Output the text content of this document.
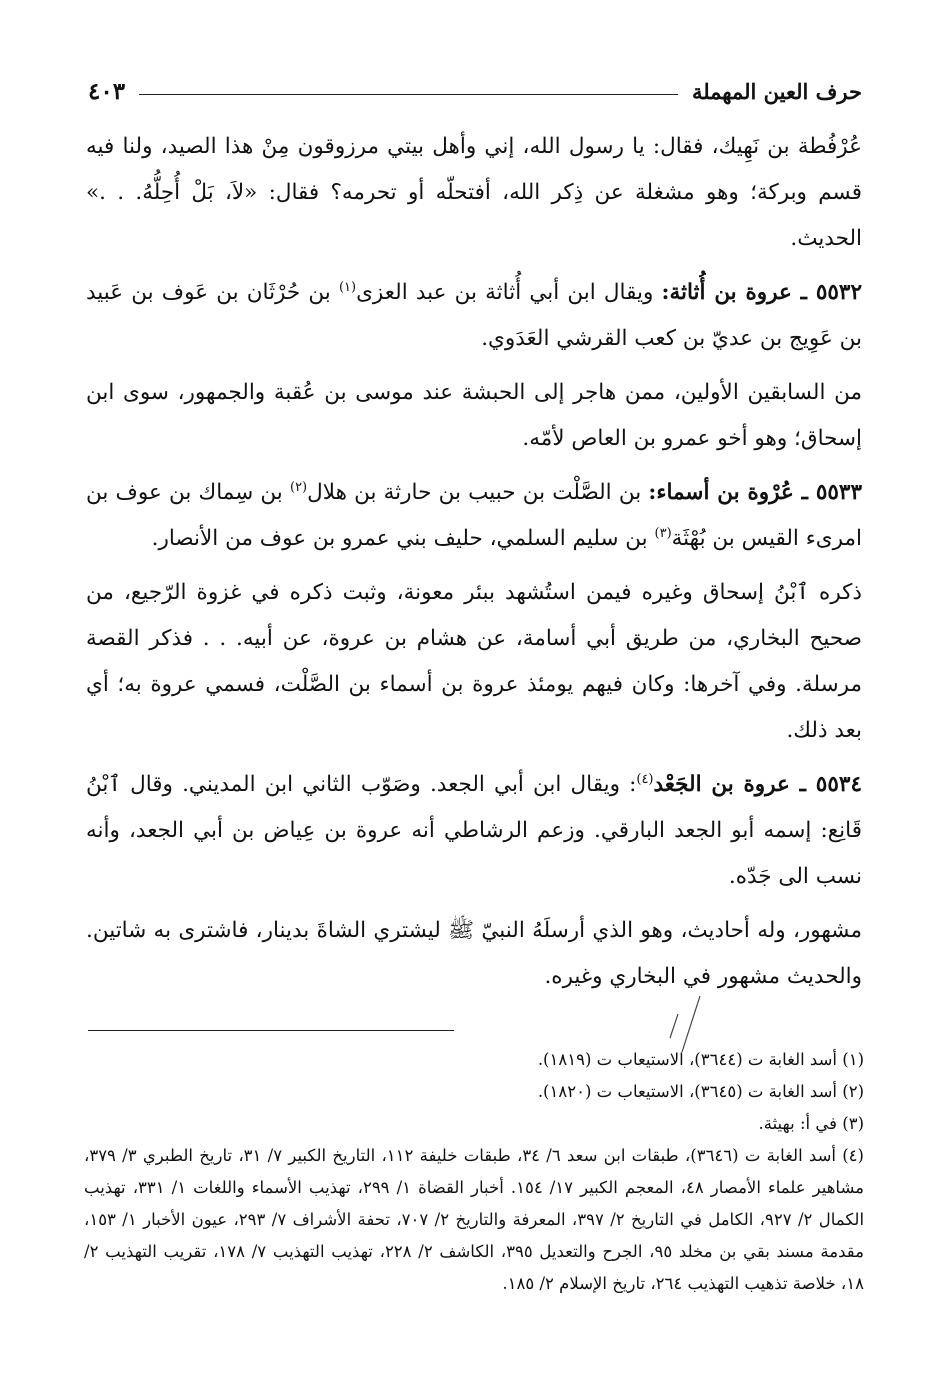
حرف العين المهملة
٤٠٣

عُرْفُطة بن نَهِيك، فقال: يا رسول الله، إني وأهل بيتي مرزوقون مِنْ هذا الصيد، ولنا فيه قسم وبركة؛ وهو مشغلة عن ذِكر الله، أفتحلّه أو تحرمه؟ فقال: «لاَ، بَلْ أُحِلُّهُ. . .» الحديث.

٥٥٣٢ ـ عروة بن أُثاثة: ويقال ابن أبي أُثاثة بن عبد العزى$^{(١)}$ بن حُرْثَان بن عَوف بن عَبيد بن عَوِيج بن عديّ بن كعب القرشي العَدَوي.

من السابقين الأولين، ممن هاجر إلى الحبشة عند موسى بن عُقبة والجمهور، سوى ابن إسحاق؛ وهو أخو عمرو بن العاص لأمّه.

٥٥٣٣ ـ عُرْوة بن أسماء: بن الصَّلْت بن حبيب بن حارثة بن هلال$^{(٢)}$ بن سِماك بن عوف بن امرىء القيس بن بُهْثَة$^{(٣)}$ بن سليم السلمي، حليف بني عمرو بن عوف من الأنصار.

ذكره ٱبْنُ إسحاق وغيره فيمن استُشهد ببئر معونة، وثبت ذكره في غزوة الرّجيع، من صحيح البخاري، من طريق أبي أسامة، عن هشام بن عروة، عن أبيه. . . فذكر القصة مرسلة. وفي آخرها: وكان فيهم يومئذ عروة بن أسماء بن الصَّلْت، فسمي عروة به؛ أي بعد ذلك.

٥٥٣٤ ـ عروة بن الجَعْد$^{(٤)}$: ويقال ابن أبي الجعد. وصَوّب الثاني ابن المديني. وقال ٱبْنُ قَانِع: إسمه أبو الجعد البارقي. وزعم الرشاطي أنه عروة بن عِياض بن أبي الجعد، وأنه نسب الى جَدّه.

مشهور، وله أحاديث، وهو الذي أرسلَهُ النبيّ ﷺ ليشتري الشاةَ بدينار، فاشترى به شاتين. والحديث مشهور في البخاري وغيره.

(١) أسد الغابة ت (٣٦٤٤)، الاستيعاب ت (١٨١٩).

(٢) أسد الغابة ت (٣٦٤٥)، الاستيعاب ت (١٨٢٠).

(٣) في أ: بهيثة.

(٤) أسد الغابة ت (٣٦٤٦)، طبقات ابن سعد ٦/ ٣٤، طبقات خليفة ١١٢، التاريخ الكبير ٧/ ٣١، تاريخ الطبري ٣/ ٣٧٩، مشاهير علماء الأمصار ٤٨، المعجم الكبير ١٧/ ١٥٤. أخبار القضاة ١/ ٢٩٩، تهذيب الأسماء واللغات ١/ ٣٣١، تهذيب الكمال ٢/ ٩٢٧، الكامل في التاريخ ٢/ ٣٩٧، المعرفة والتاريخ ٢/ ٧٠٧، تحفة الأشراف ٧/ ٢٩٣، عيون الأخبار ١/ ١٥٣، مقدمة مسند بقي بن مخلد ٩٥، الجرح والتعديل ٣٩٥، الكاشف ٢/ ٢٢٨، تهذيب التهذيب ٧/ ١٧٨، تقريب التهذيب ٢/ ١٨، خلاصة تذهيب التهذيب ٢٦٤، تاريخ الإسلام ٢/ ١٨٥.
